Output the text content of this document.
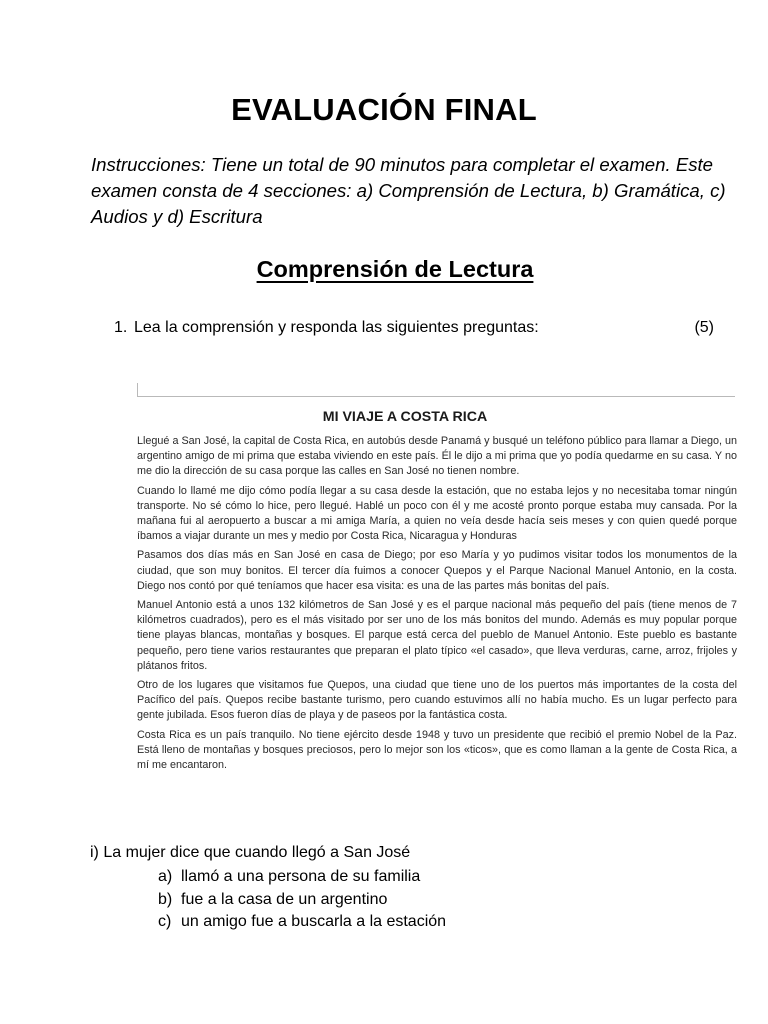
EVALUACIÓN FINAL
Instrucciones: Tiene un total de 90 minutos para completar el examen. Este examen consta de 4 secciones: a) Comprensión de Lectura, b) Gramática, c) Audios y d) Escritura
Comprensión de Lectura
1. Lea la comprensión y responda las siguientes preguntas:	(5)
MI VIAJE A COSTA RICA

Llegué a San José, la capital de Costa Rica, en autobús desde Panamá y busqué un teléfono público para llamar a Diego, un argentino amigo de mi prima que estaba viviendo en este país. Él le dijo a mi prima que yo podía quedarme en su casa. Y no me dio la dirección de su casa porque las calles en San José no tienen nombre.

Cuando lo llamé me dijo cómo podía llegar a su casa desde la estación, que no estaba lejos y no necesitaba tomar ningún transporte. No sé cómo lo hice, pero llegué. Hablé un poco con él y me acosté pronto porque estaba muy cansada. Por la mañana fui al aeropuerto a buscar a mi amiga María, a quien no veía desde hacía seis meses y con quien quedé porque íbamos a viajar durante un mes y medio por Costa Rica, Nicaragua y Honduras

Pasamos dos días más en San José en casa de Diego; por eso María y yo pudimos visitar todos los monumentos de la ciudad, que son muy bonitos. El tercer día fuimos a conocer Quepos y el Parque Nacional Manuel Antonio, en la costa. Diego nos contó por qué teníamos que hacer esa visita: es una de las partes más bonitas del país.

Manuel Antonio está a unos 132 kilómetros de San José y es el parque nacional más pequeño del país (tiene menos de 7 kilómetros cuadrados), pero es el más visitado por ser uno de los más bonitos del mundo. Además es muy popular porque tiene playas blancas, montañas y bosques. El parque está cerca del pueblo de Manuel Antonio. Este pueblo es bastante pequeño, pero tiene varios restaurantes que preparan el plato típico «el casado», que lleva verduras, carne, arroz, frijoles y plátanos fritos.

Otro de los lugares que visitamos fue Quepos, una ciudad que tiene uno de los puertos más importantes de la costa del Pacífico del país. Quepos recibe bastante turismo, pero cuando estuvimos allí no había mucho. Es un lugar perfecto para gente jubilada. Esos fueron días de playa y de paseos por la fantástica costa.

Costa Rica es un país tranquilo. No tiene ejército desde 1948 y tuvo un presidente que recibió el premio Nobel de la Paz. Está lleno de montañas y bosques preciosos, pero lo mejor son los «ticos», que es como llaman a la gente de Costa Rica, a mí me encantaron.

i) La mujer dice que cuando llegó a San José
a) llamó a una persona de su familia
b) fue a la casa de un argentino
c) un amigo fue a buscarla a la estación
